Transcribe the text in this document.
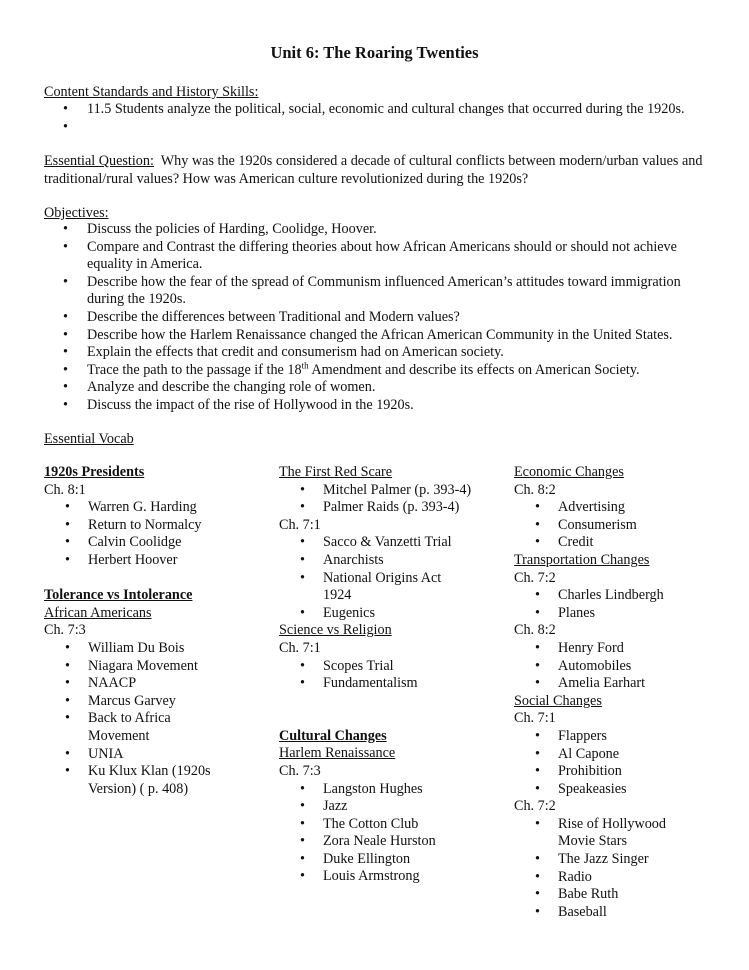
Unit 6: The Roaring Twenties
Content Standards and History Skills:
• 11.5 Students analyze the political, social, economic and cultural changes that occurred during the 1920s.
•
Essential Question:  Why was the 1920s considered a decade of cultural conflicts between modern/urban values and traditional/rural values? How was American culture revolutionized during the 1920s?
Objectives:
• Discuss the policies of Harding, Coolidge, Hoover.
• Compare and Contrast the differing theories about how African Americans should or should not achieve equality in America.
• Describe how the fear of the spread of Communism influenced American’s attitudes toward immigration during the 1920s.
• Describe the differences between Traditional and Modern values?
• Describe how the Harlem Renaissance changed the African American Community in the United States.
• Explain the effects that credit and consumerism had on American society.
• Trace the path to the passage if the 18th Amendment and describe its effects on American Society.
• Analyze and describe the changing role of women.
• Discuss the impact of the rise of Hollywood in the 1920s.
Essential Vocab
1920s Presidents
Ch. 8:1
• Warren G. Harding
• Return to Normalcy
• Calvin Coolidge
• Herbert Hoover
Tolerance vs Intolerance
African Americans
Ch. 7:3
• William Du Bois
• Niagara Movement
• NAACP
• Marcus Garvey
• Back to Africa Movement
• UNIA
• Ku Klux Klan (1920s Version) ( p. 408)
The First Red Scare
• Mitchel Palmer (p. 393-4)
• Palmer Raids (p. 393-4)
Ch. 7:1
• Sacco & Vanzetti Trial
• Anarchists
• National Origins Act 1924
• Eugenics
Science vs Religion
Ch. 7:1
• Scopes Trial
• Fundamentalism
Cultural Changes
Harlem Renaissance
Ch. 7:3
• Langston Hughes
• Jazz
• The Cotton Club
• Zora Neale Hurston
• Duke Ellington
• Louis Armstrong
Economic Changes
Ch. 8:2
• Advertising
• Consumerism
• Credit
Transportation Changes
Ch. 7:2
• Charles Lindbergh
• Planes
Ch. 8:2
• Henry Ford
• Automobiles
• Amelia Earhart
Social Changes
Ch. 7:1
• Flappers
• Al Capone
• Prohibition
• Speakeasies
Ch. 7:2
• Rise of Hollywood Movie Stars
• The Jazz Singer
• Radio
• Babe Ruth
• Baseball
